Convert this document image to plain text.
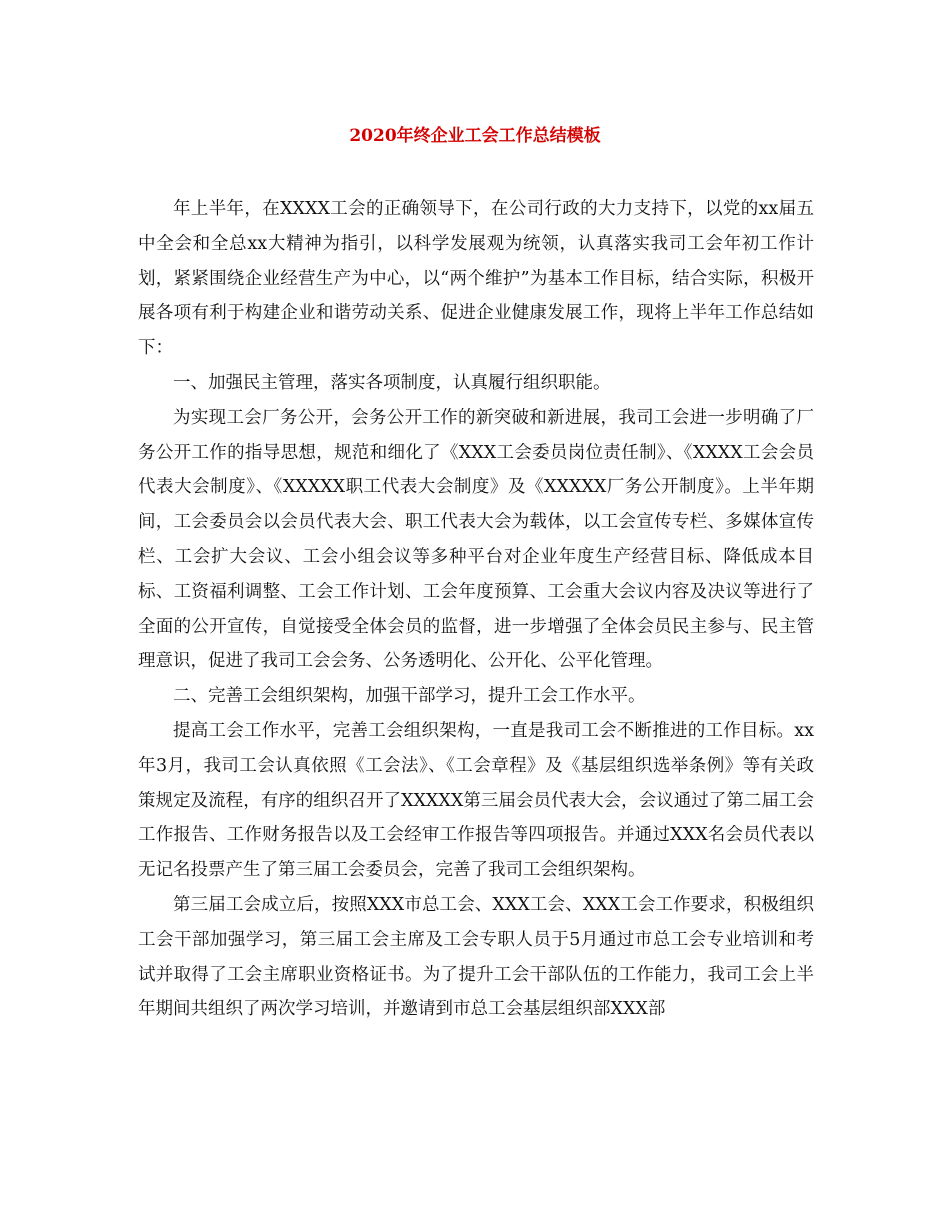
2020年终企业工会工作总结模板

年上半年，在XXXX工会的正确领导下，在公司行政的大力支持下，以党的xx届五中全会和全总xx大精神为指引，以科学发展观为统领，认真落实我司工会年初工作计划，紧紧围绕企业经营生产为中心，以“两个维护”为基本工作目标，结合实际，积极开展各项有利于构建企业和谐劳动关系、促进企业健康发展工作，现将上半年工作总结如下：

一、加强民主管理，落实各项制度，认真履行组织职能。

为实现工会厂务公开，会务公开工作的新突破和新进展，我司工会进一步明确了厂务公开工作的指导思想，规范和细化了《XXX工会委员岗位责任制》、《XXXX工会会员代表大会制度》、《XXXXX职工代表大会制度》及《XXXXX厂务公开制度》。上半年期间，工会委员会以会员代表大会、职工代表大会为载体，以工会宣传专栏、多媒体宣传栏、工会扩大会议、工会小组会议等多种平台对企业年度生产经营目标、降低成本目标、工资福利调整、工会工作计划、工会年度预算、工会重大会议内容及决议等进行了全面的公开宣传，自觉接受全体会员的监督，进一步增强了全体会员民主参与、民主管理意识，促进了我司工会会务、公务透明化、公开化、公平化管理。

二、完善工会组织架构，加强干部学习，提升工会工作水平。

提高工会工作水平，完善工会组织架构，一直是我司工会不断推进的工作目标。xx年3月，我司工会认真依照《工会法》、《工会章程》及《基层组织选举条例》等有关政策规定及流程，有序的组织召开了XXXXX第三届会员代表大会，会议通过了第二届工会工作报告、工作财务报告以及工会经审工作报告等四项报告。并通过XXX名会员代表以无记名投票产生了第三届工会委员会，完善了我司工会组织架构。

第三届工会成立后，按照XXX市总工会、XXX工会、XXX工会工作要求，积极组织工会干部加强学习，第三届工会主席及工会专职人员于5月通过市总工会专业培训和考试并取得了工会主席职业资格证书。为了提升工会干部队伍的工作能力，我司工会上半年期间共组织了两次学习培训，并邀请到市总工会基层组织部XXX部
